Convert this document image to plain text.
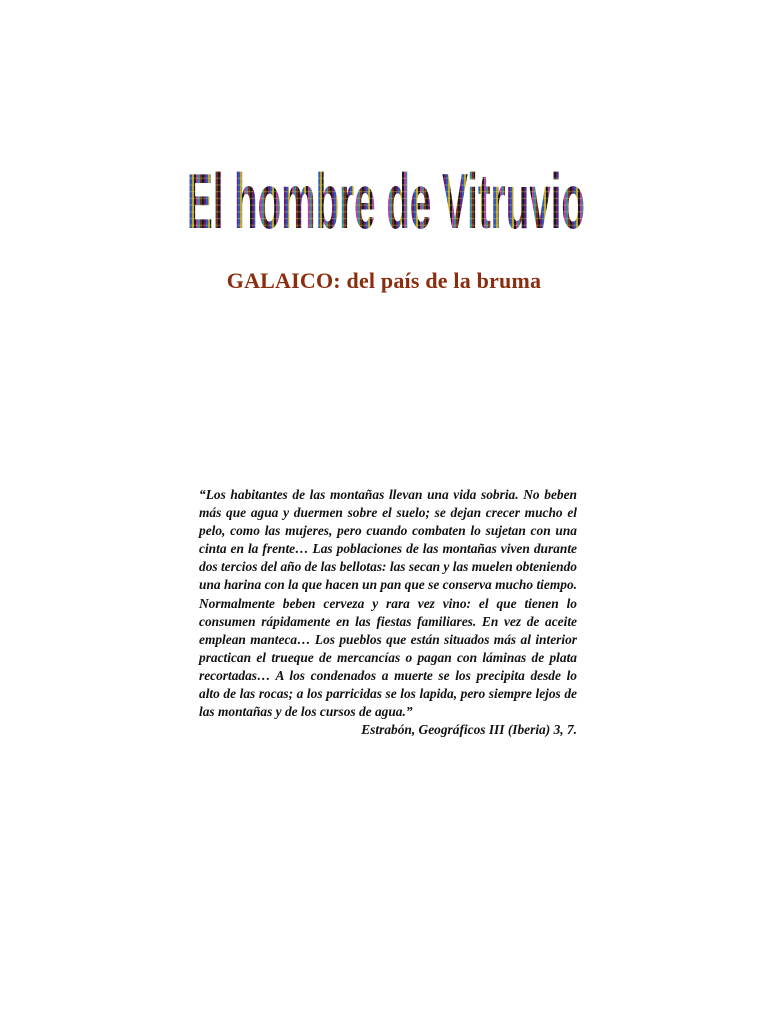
El hombre de Vitruvio
GALAICO: del país de la bruma

“Los habitantes de las montañas llevan una vida sobria. No beben más que agua y duermen sobre el suelo; se dejan crecer mucho el pelo, como las mujeres, pero cuando combaten lo sujetan con una cinta en la frente… Las poblaciones de las montañas viven durante dos tercios del año de las bellotas: las secan y las muelen obteniendo una harina con la que hacen un pan que se conserva mucho tiempo. Normalmente beben cerveza y rara vez vino: el que tienen lo consumen rápidamente en las fiestas familiares. En vez de aceite emplean manteca… Los pueblos que están situados más al interior practican el trueque de mercancías o pagan con láminas de plata recortadas… A los condenados a muerte se los precipita desde lo alto de las rocas; a los parricidas se los lapida, pero siempre lejos de las montañas y de los cursos de agua.”

Estrabón, Geográficos III (Iberia) 3, 7.
